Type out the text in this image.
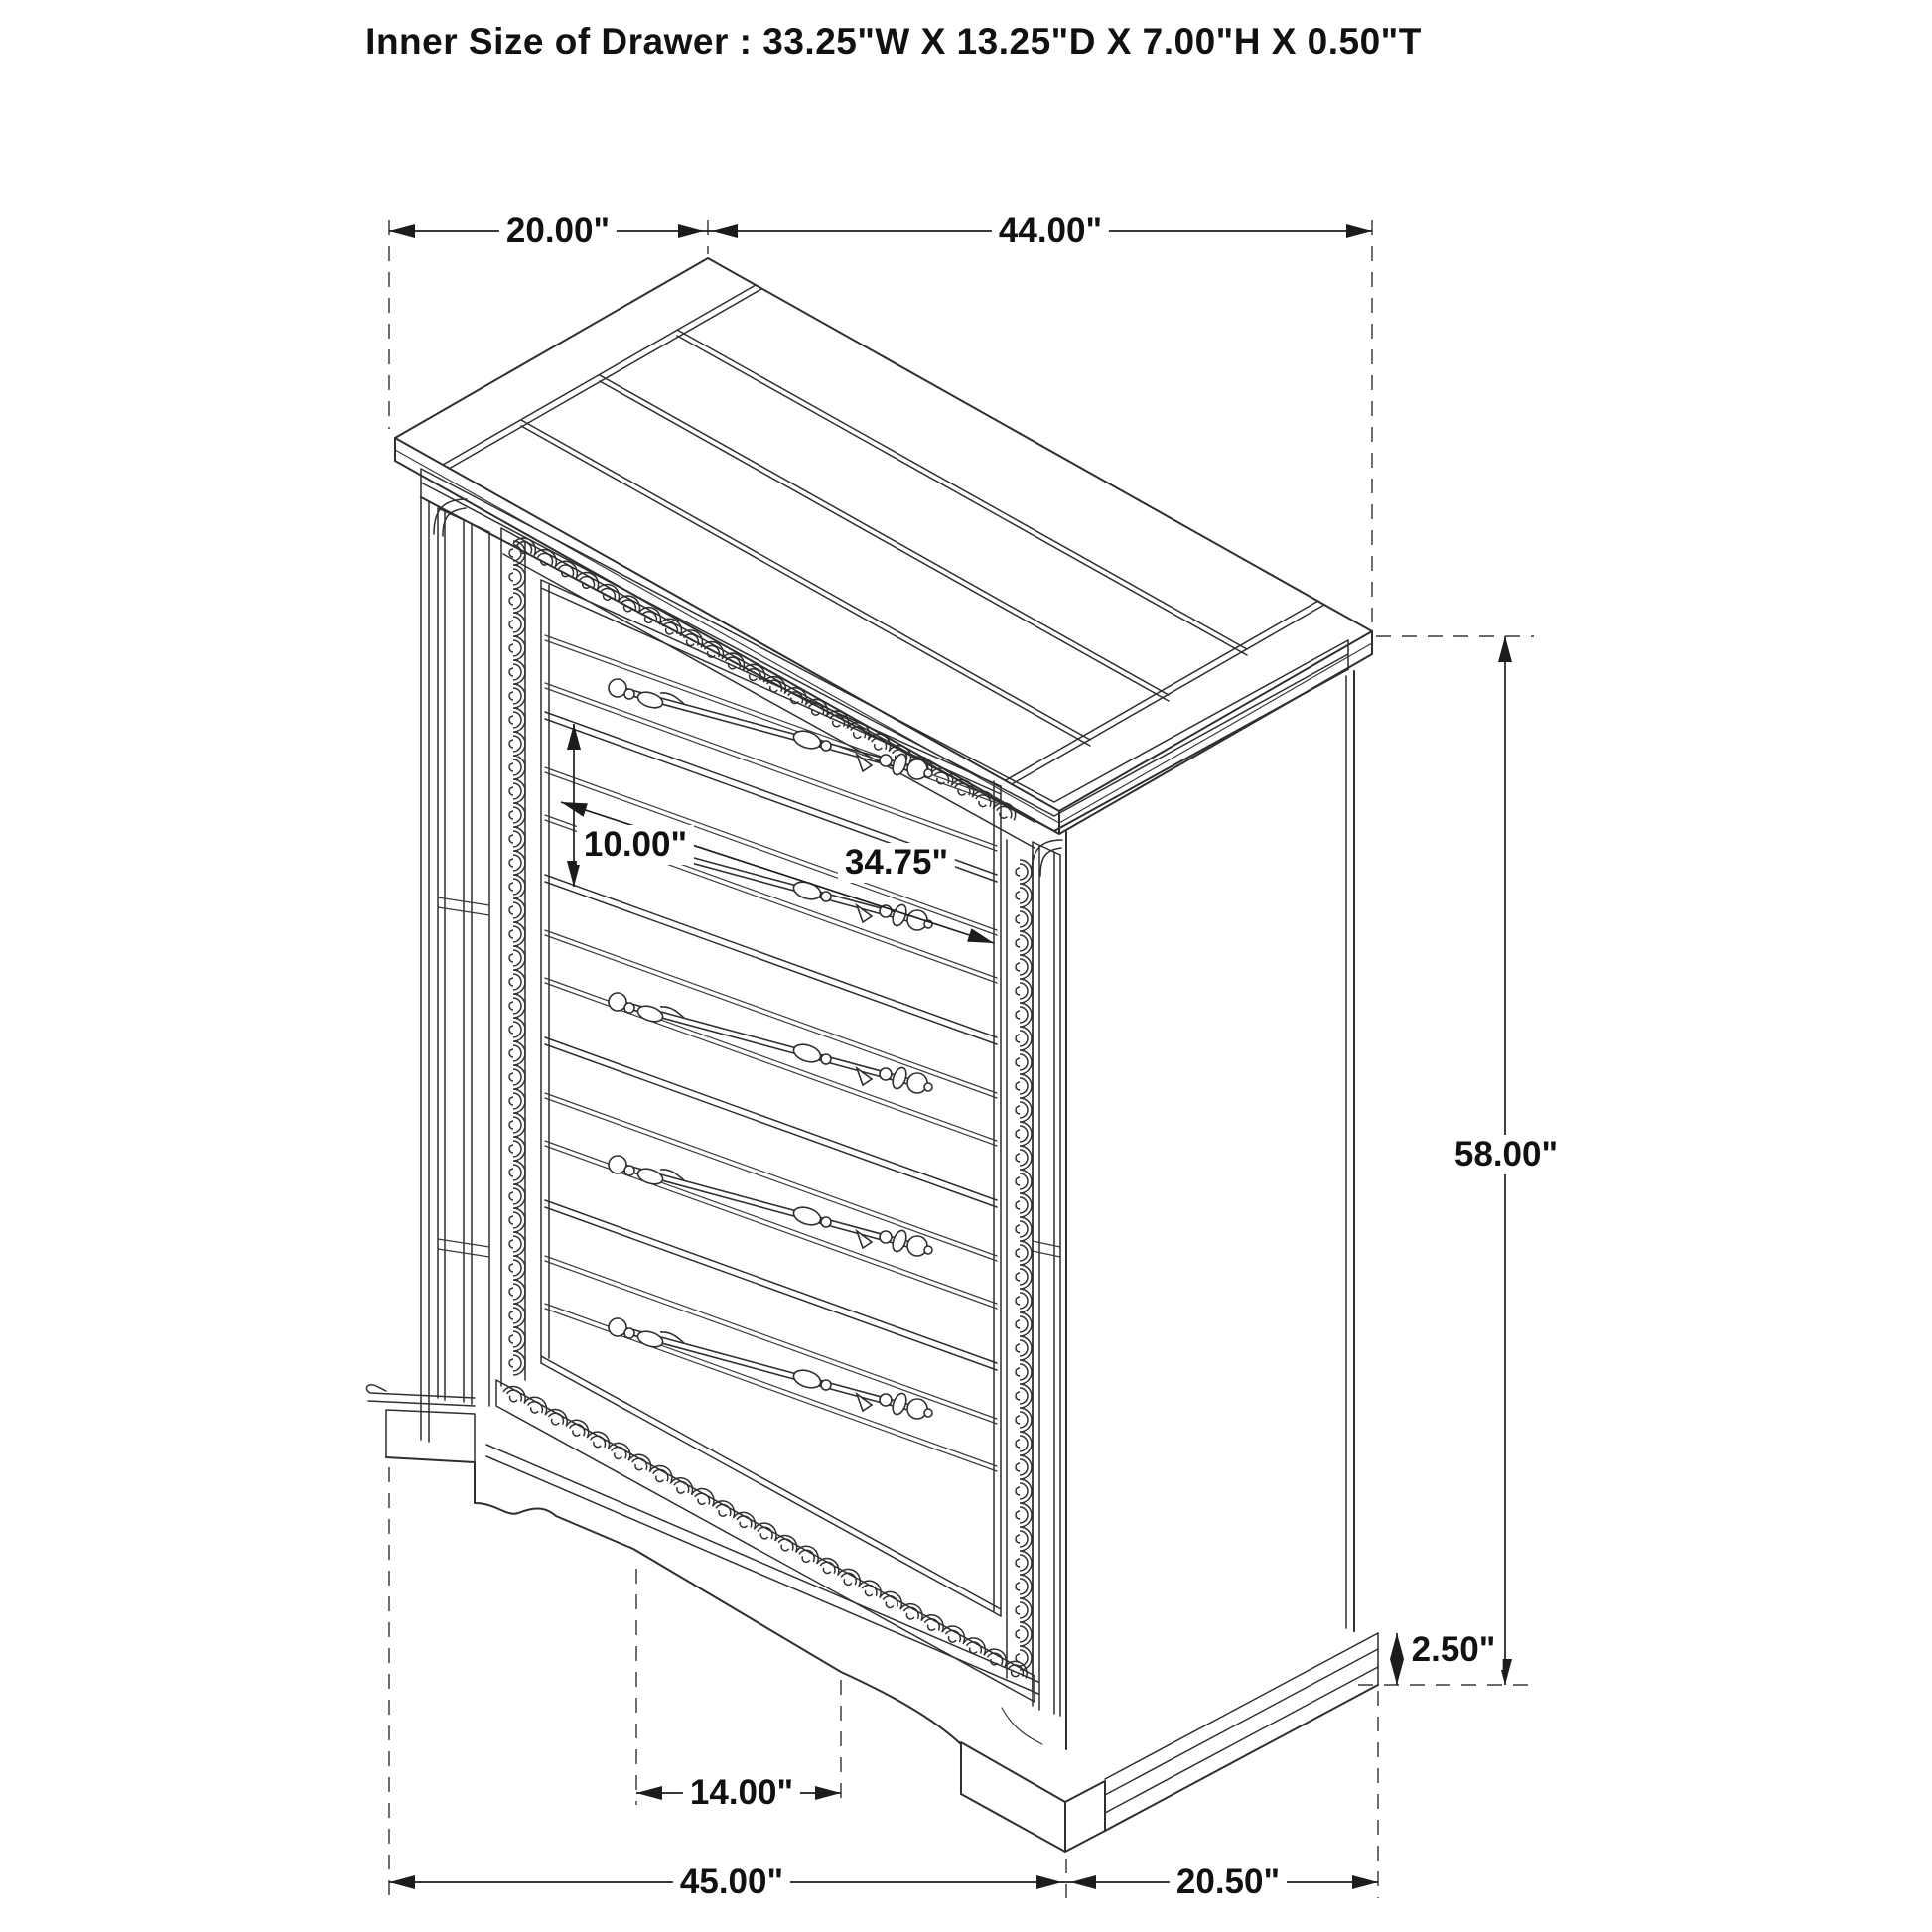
Inner Size of Drawer : 33.25"W X 13.25"D X 7.00"H X 0.50"T
20.00"	44.00"
10.00"	34.75"
58.00"
2.50"
14.00"
45.00"	20.50"
